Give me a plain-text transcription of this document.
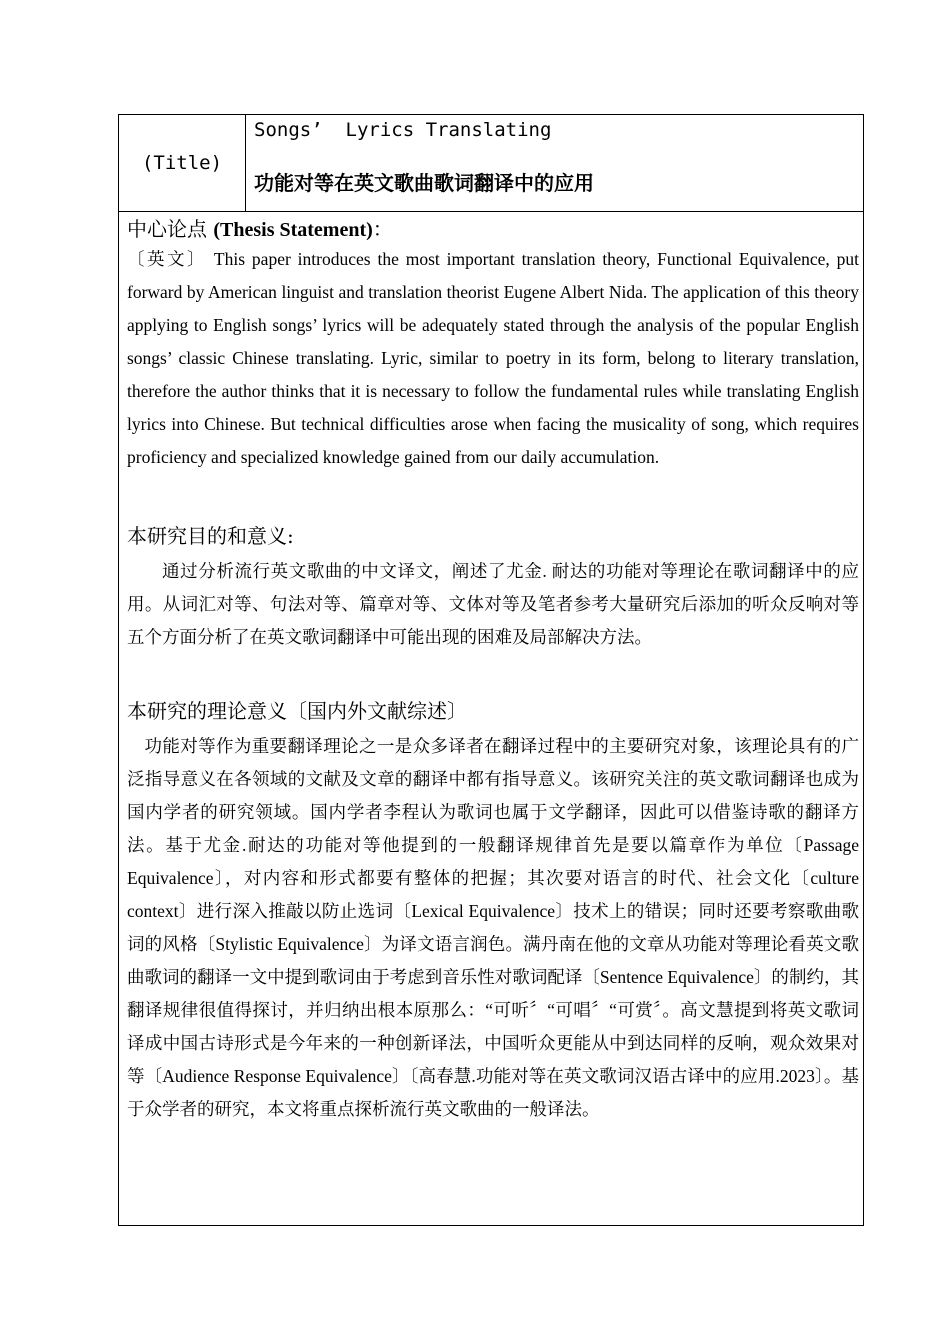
(Title)
Songs’  Lyrics Translating
功能对等在英文歌曲歌词翻译中的应用
中心论点 (Thesis Statement)：

〔英文〕 This paper introduces the most important translation theory, Functional Equivalence, put forward by American linguist and translation theorist Eugene Albert Nida. The application of this theory applying to English songs’ lyrics will be adequately stated through the analysis of the popular English songs’ classic Chinese translating. Lyric, similar to poetry in its form, belong to literary translation, therefore the author thinks that it is necessary to follow the fundamental rules while translating English lyrics into Chinese. But technical difficulties arose when facing the musicality of song, which requires proficiency and specialized knowledge gained from our daily accumulation.

本研究目的和意义:

通过分析流行英文歌曲的中文译文，阐述了尤金. 耐达的功能对等理论在歌词翻译中的应用。从词汇对等、句法对等、篇章对等、文体对等及笔者参考大量研究后添加的听众反响对等五个方面分析了在英文歌词翻译中可能出现的困难及局部解决方法。

本研究的理论意义〔国内外文献综述〕

功能对等作为重要翻译理论之一是众多译者在翻译过程中的主要研究对象，该理论具有的广泛指导意义在各领域的文献及文章的翻译中都有指导意义。该研究关注的英文歌词翻译也成为国内学者的研究领域。国内学者李程认为歌词也属于文学翻译，因此可以借鉴诗歌的翻译方法。基于尤金.耐达的功能对等他提到的一般翻译规律首先是要以篇章作为单位〔Passage Equivalence〕，对内容和形式都要有整体的把握；其次要对语言的时代、社会文化〔culture context〕进行深入推敲以防止选词〔Lexical Equivalence〕技术上的错误；同时还要考察歌曲歌词的风格〔Stylistic Equivalence〕为译文语言润色。满丹南在他的文章从功能对等理论看英文歌曲歌词的翻译一文中提到歌词由于考虑到音乐性对歌词配译〔Sentence Equivalence〕的制约，其翻译规律很值得探讨，并归纳出根本原那么：“可听〞“可唱〞“可赏〞。高文慧提到将英文歌词译成中国古诗形式是今年来的一种创新译法，中国听众更能从中到达同样的反响，观众效果对等〔Audience Response Equivalence〕〔高春慧.功能对等在英文歌词汉语古译中的应用.2023〕。基于众学者的研究，本文将重点探析流行英文歌曲的一般译法。
